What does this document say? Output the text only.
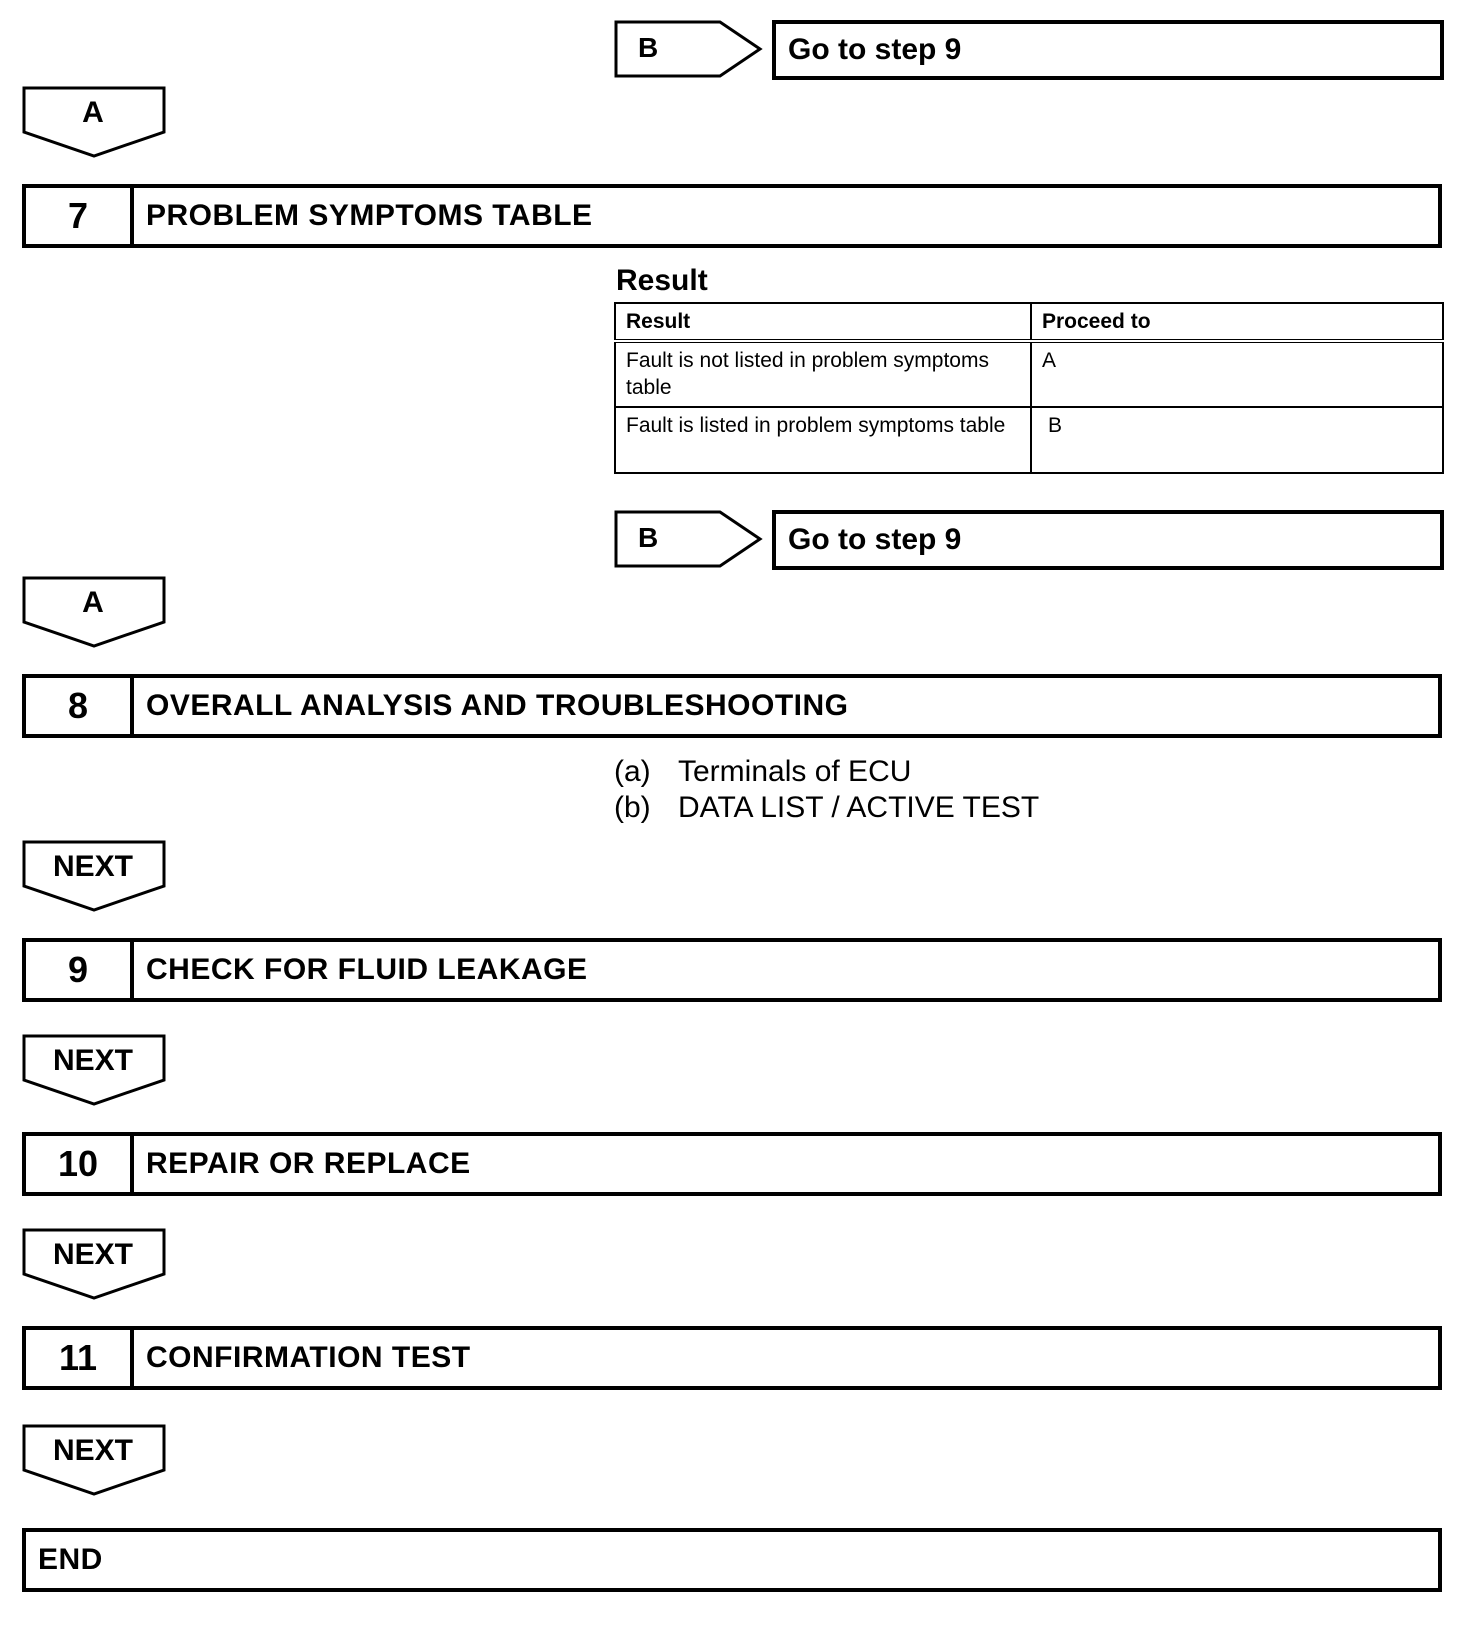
B	Go to step 9
A
7	PROBLEM SYMPTOMS TABLE
Result
Result	Proceed to
Fault is not listed in problem symptoms table	A
Fault is listed in problem symptoms table	B
B	Go to step 9
A
8	OVERALL ANALYSIS AND TROUBLESHOOTING
(a) Terminals of ECU
(b) DATA LIST / ACTIVE TEST
NEXT
9	CHECK FOR FLUID LEAKAGE
NEXT
10	REPAIR OR REPLACE
NEXT
11	CONFIRMATION TEST
NEXT
END
